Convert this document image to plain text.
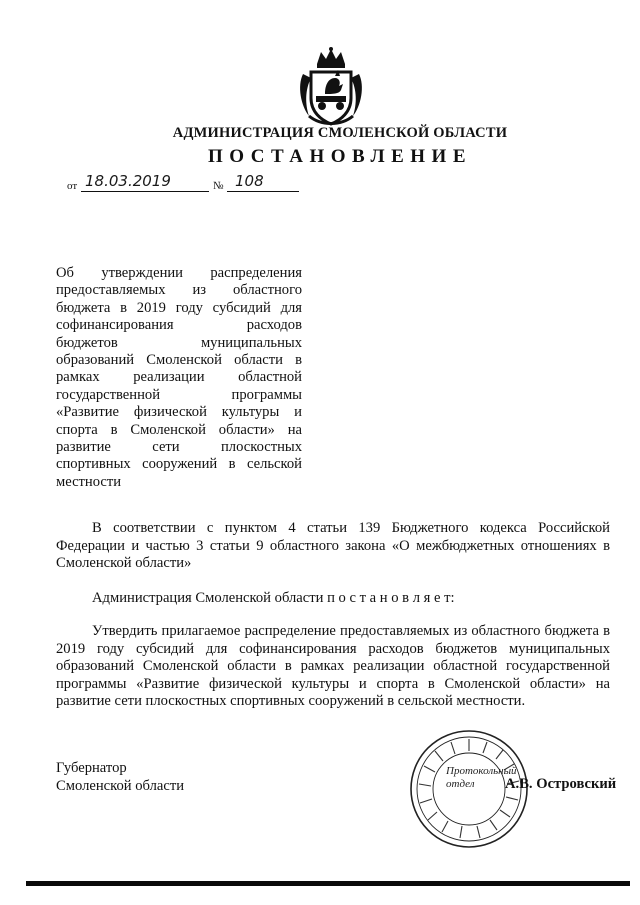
АДМИНИСТРАЦИЯ СМОЛЕНСКОЙ ОБЛАСТИ
ПОСТАНОВЛЕНИЕ
от 18.03.2019	№ 108
Об утверждении распределения
предоставляемых из областного
бюджета в 2019 году субсидий для
софинансирования расходов
бюджетов муниципальных
образований Смоленской области в
рамках реализации областной
государственной программы
«Развитие физической культуры и
спорта в Смоленской области» на
развитие сети плоскостных
спортивных сооружений в сельской
местности
В соответствии с пунктом 4 статьи 139 Бюджетного кодекса Российской Федерации и частью 3 статьи 9 областного закона «О межбюджетных отношениях в Смоленской области»
Администрация Смоленской области п о с т а н о в л я е т:
Утвердить прилагаемое распределение предоставляемых из областного бюджета в 2019 году субсидий для софинансирования расходов бюджетов муниципальных образований Смоленской области в рамках реализации областной государственной программы «Развитие физической культуры и спорта в Смоленской области» на развитие сети плоскостных спортивных сооружений в сельской местности.
Губернатор
Смоленской области
Протокольный
отдел	А.В. Островский
